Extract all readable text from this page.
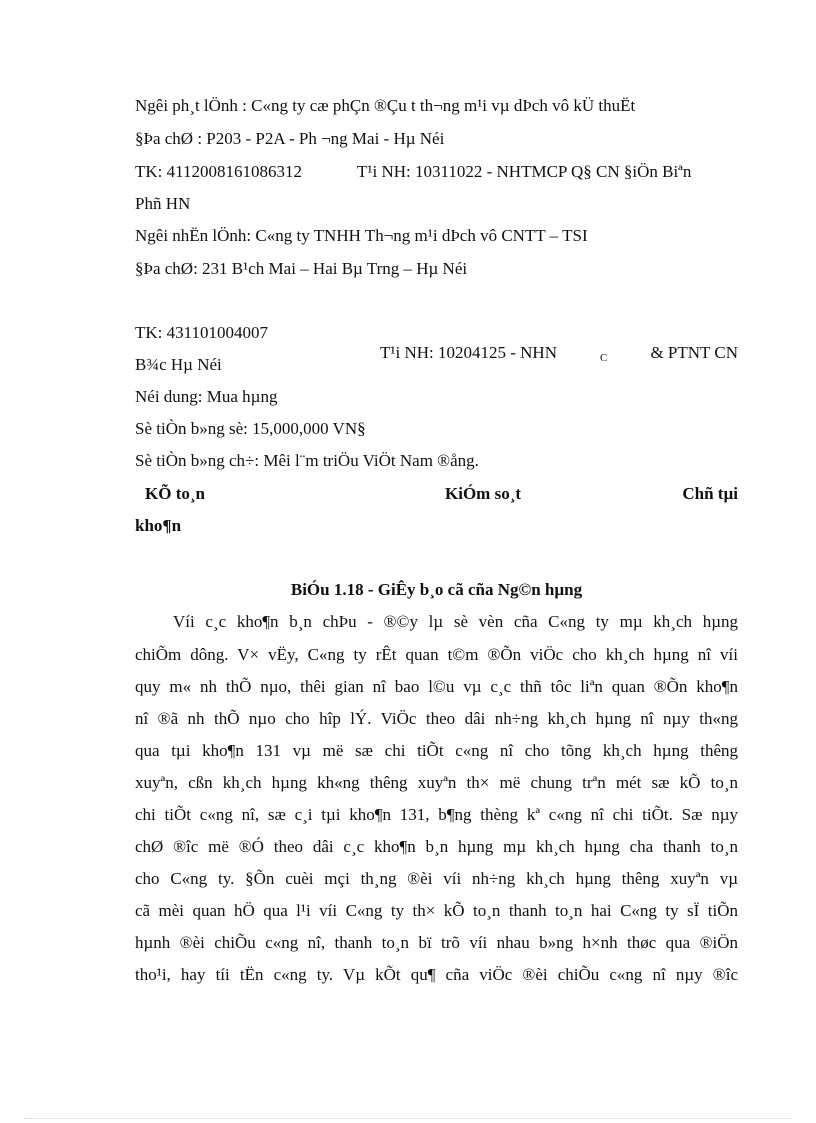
Ngêi ph¸t lÖnh : C«ng ty cæ phÇn ®Çu t th¬ng m¹i vµ dÞch vô kÜ thuËt
§Þa chØ : P203 - P2A - Ph ¬ng Mai - Hµ Néi
TK: 4112008161086312	T¹i NH: 10311022 - NHTMCP Q§ CN §iÖn Biªn
Phñ HN
Ngêi nhËn lÖnh: C«ng ty TNHH Th¬ng m¹i dÞch vô CNTT – TSI
§Þa chØ: 231 B¹ch Mai – Hai Bµ Trng – Hµ Néi
TK: 431101004007
T¹i NH: 10204125 - NHN	C	& PTNT CN
B¾c Hµ Néi
Néi dung: Mua hµng
Sè tiÒn b»ng sè: 15,000,000 VN§
Sè tiÒn b»ng ch÷: Mêi l¨m triÖu ViÖt Nam ®ång.
KÕ to¸n	KiÓm so¸t	Chñ tµi
kho¶n
BiÓu 1.18 - GiÊy b¸o cã cña Ng©n hµng
Víi c¸c kho¶n b¸n chÞu - ®©y lµ sè vèn cña C«ng ty mµ kh¸ch hµng
chiÕm dông. V× vËy, C«ng ty rÊt quan t©m ®Õn viÖc cho kh¸ch hµng nî víi
quy m« nh thÕ nµo, thêi gian nî bao l©u vµ c¸c thñ tôc liªn quan ®Õn kho¶n
nî ®ã nh thÕ nµo cho hîp lÝ. ViÖc theo dâi nh÷ng kh¸ch hµng nî nµy th«ng
qua tµi kho¶n 131 vµ më sæ chi tiÕt c«ng nî cho tõng kh¸ch hµng thêng
xuyªn, cßn kh¸ch hµng kh«ng thêng xuyªn th× më chung trªn mét sæ kÕ to¸n
chi tiÕt c«ng nî, sæ c¸i tµi kho¶n 131, b¶ng thèng kª c«ng nî chi tiÕt. Sæ nµy
chØ ®îc më ®Ó theo dâi c¸c kho¶n b¸n hµng mµ kh¸ch hµng cha thanh to¸n
cho C«ng ty. §Õn cuèi mçi th¸ng ®èi víi nh÷ng kh¸ch hµng thêng xuyªn vµ
cã mèi quan hÖ qua l¹i víi C«ng ty th× kÕ to¸n thanh to¸n hai C«ng ty sÏ tiÕn
hµnh ®èi chiÕu c«ng nî, thanh to¸n bï trõ víi nhau b»ng h×nh thøc qua ®iÖn
tho¹i, hay tíi tËn c«ng ty. Vµ kÕt qu¶ cña viÖc ®èi chiÕu c«ng nî nµy ®îc
